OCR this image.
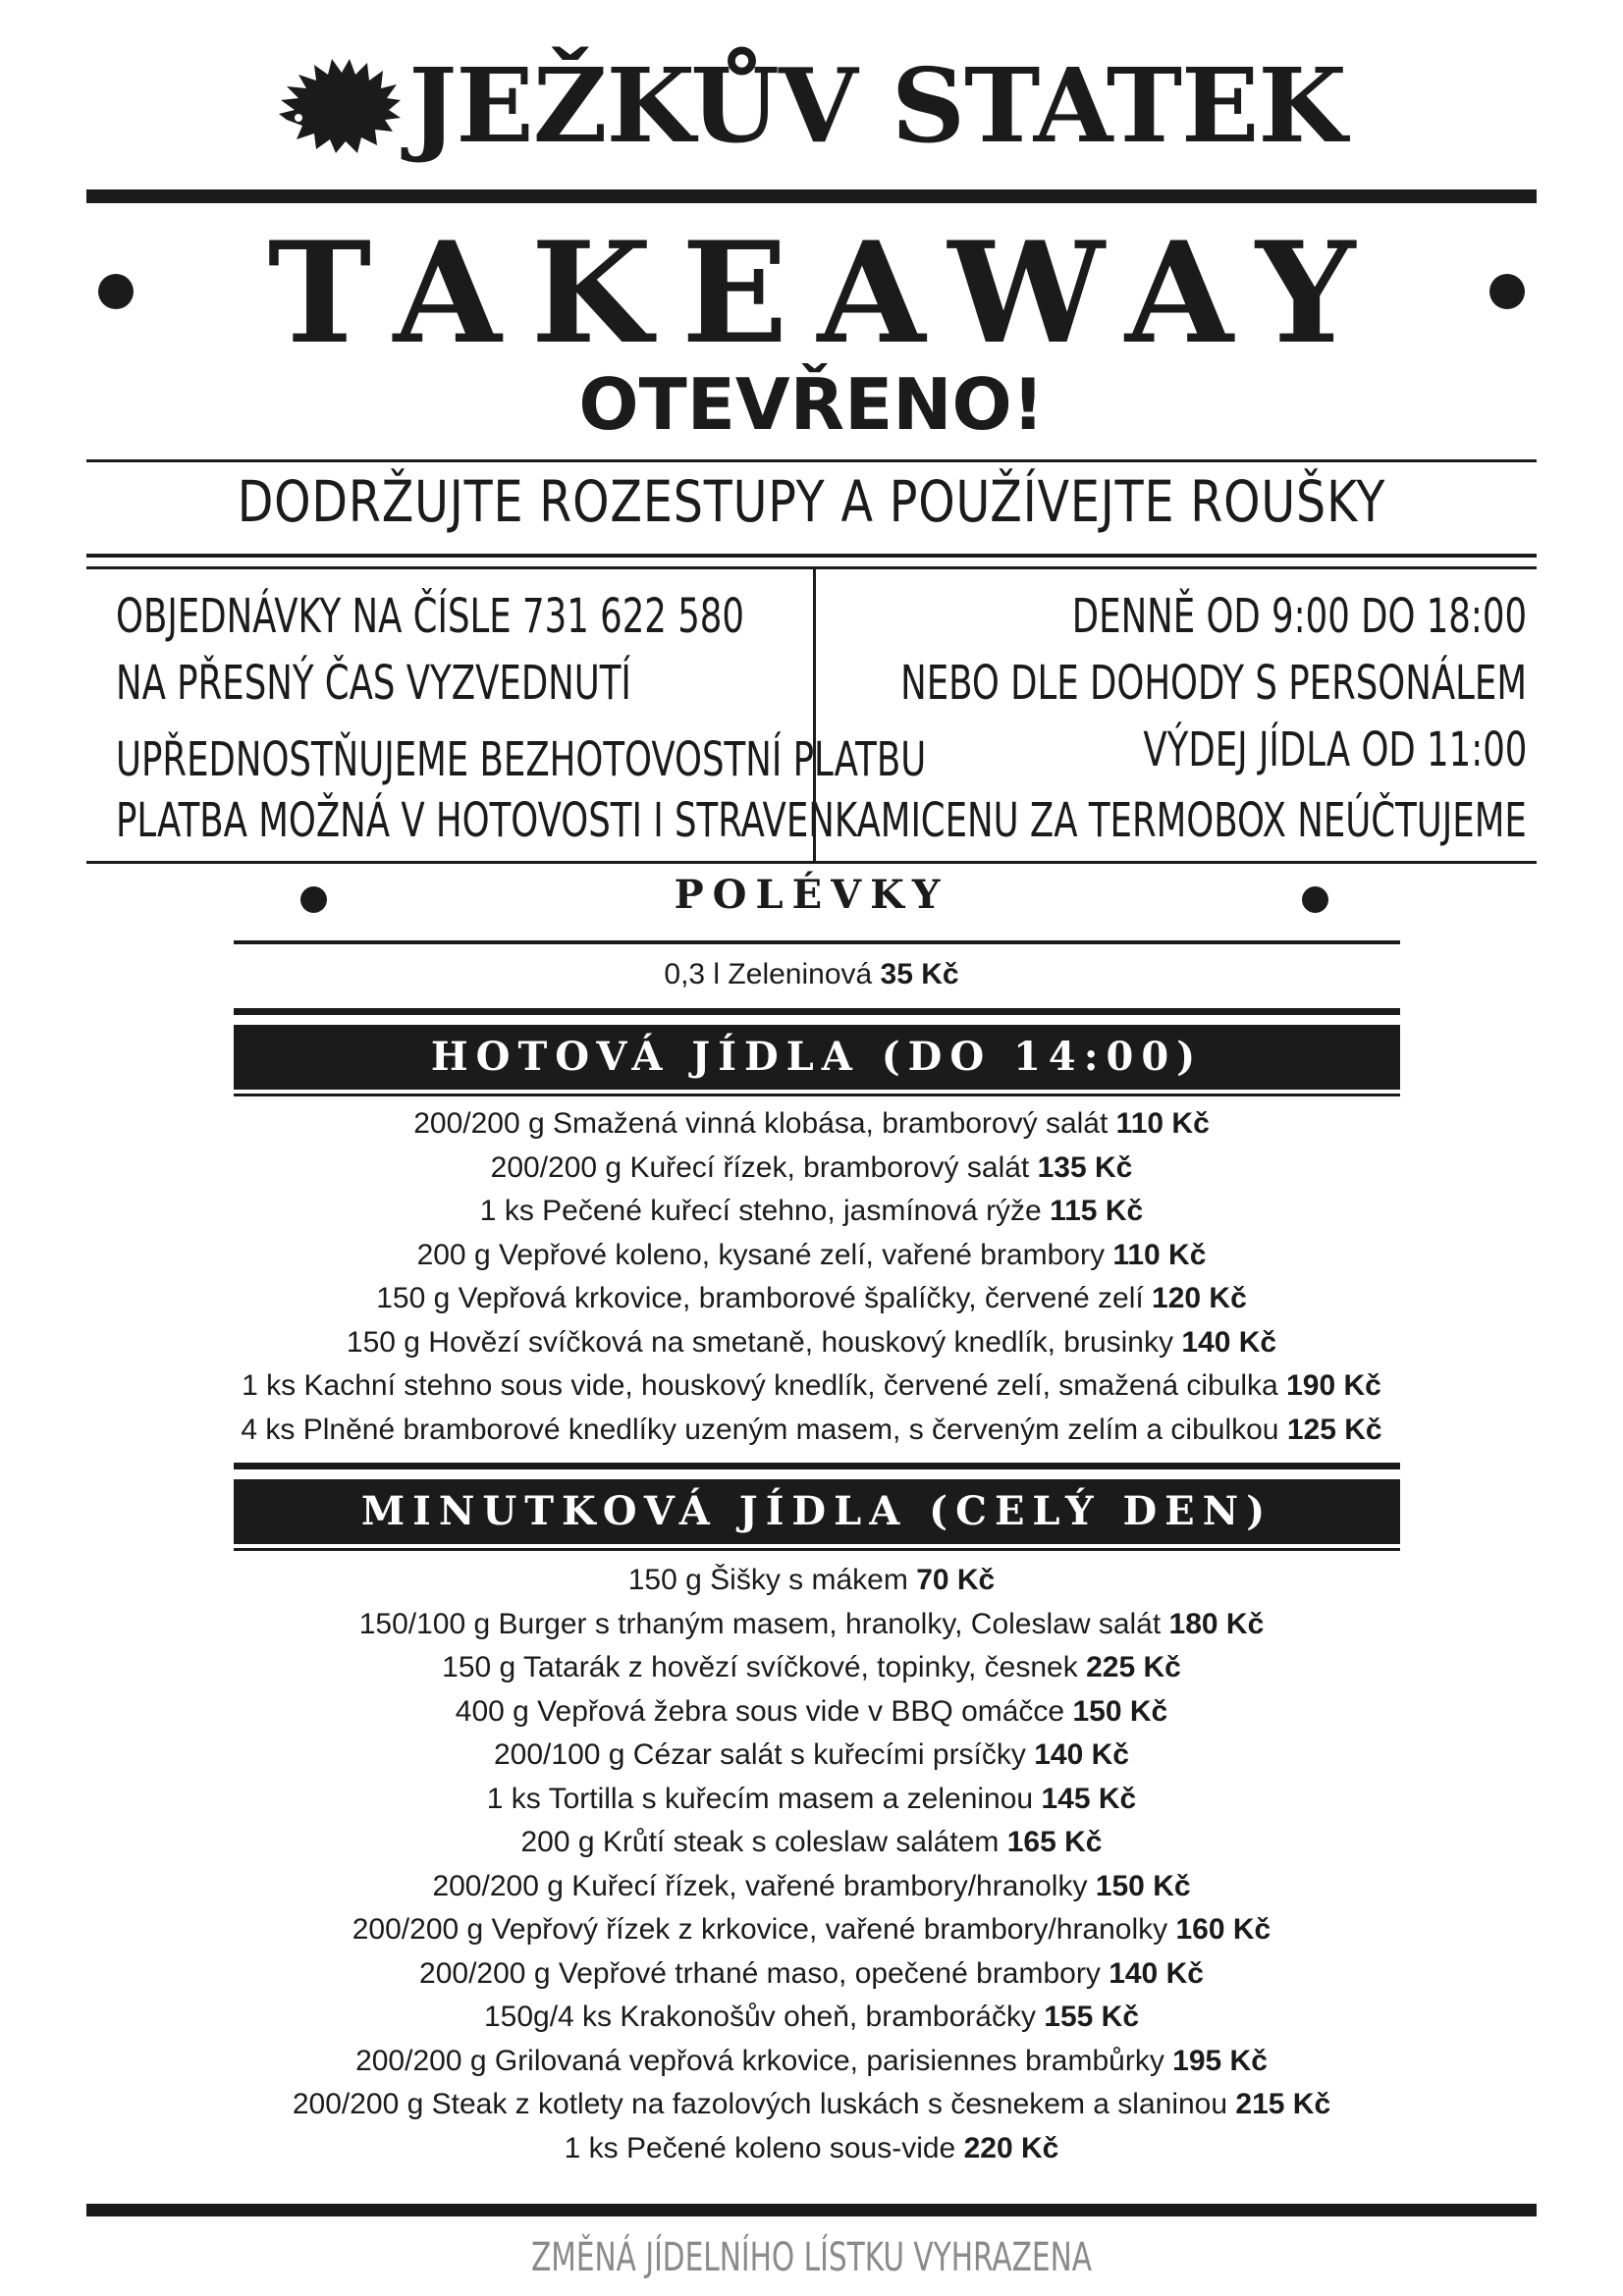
JEŽKŮV STATEK
TAKEAWAY
OTEVŘENO!
DODRŽUJTE ROZESTUPY A POUŽÍVEJTE ROUŠKY
OBJEDNÁVKY NA ČÍSLE 731 622 580
NA PŘESNÝ ČAS VYZVEDNUTÍ
UPŘEDNOSTŇUJEME BEZHOTOVOSTNÍ PLATBU
PLATBA MOŽNÁ V HOTOVOSTI I STRAVENKAMI
DENNĚ OD 9:00 DO 18:00
NEBO DLE DOHODY S PERSONÁLEM
VÝDEJ JÍDLA OD 11:00
CENU ZA TERMOBOX NEÚČTUJEME
POLÉVKY
0,3 l Zeleninová 35 Kč
HOTOVÁ JÍDLA (DO 14:00)
200/200 g Smažená vinná klobása, bramborový salát 110 Kč
200/200 g Kuřecí řízek, bramborový salát 135 Kč
1 ks Pečené kuřecí stehno, jasmínová rýže 115 Kč
200 g Vepřové koleno, kysané zelí, vařené brambory 110 Kč
150 g Vepřová krkovice, bramborové špalíčky, červené zelí 120 Kč
150 g Hovězí svíčková na smetaně, houskový knedlík, brusinky 140 Kč
1 ks Kachní stehno sous vide, houskový knedlík, červené zelí, smažená cibulka 190 Kč
4 ks Plněné bramborové knedlíky uzeným masem, s červeným zelím a cibulkou 125 Kč
MINUTKOVÁ JÍDLA (CELÝ DEN)
150 g Šišky s mákem 70 Kč
150/100 g Burger s trhaným masem, hranolky, Coleslaw salát 180 Kč
150 g Tatarák z hovězí svíčkové, topinky, česnek 225 Kč
400 g Vepřová žebra sous vide v BBQ omáčce 150 Kč
200/100 g Cézar salát s kuřecími prsíčky 140 Kč
1 ks Tortilla s kuřecím masem a zeleninou 145 Kč
200 g Krůtí steak s coleslaw salátem 165 Kč
200/200 g Kuřecí řízek, vařené brambory/hranolky 150 Kč
200/200 g Vepřový řízek z krkovice, vařené brambory/hranolky 160 Kč
200/200 g Vepřové trhané maso, opečené brambory 140 Kč
150g/4 ks Krakonošův oheň, bramboráčky 155 Kč
200/200 g Grilovaná vepřová krkovice, parisiennes brambůrky 195 Kč
200/200 g Steak z kotlety na fazolových luskách s česnekem a slaninou 215 Kč
1 ks Pečené koleno sous-vide 220 Kč
ZMĚNÁ JÍDELNÍHO LÍSTKU VYHRAZENA
